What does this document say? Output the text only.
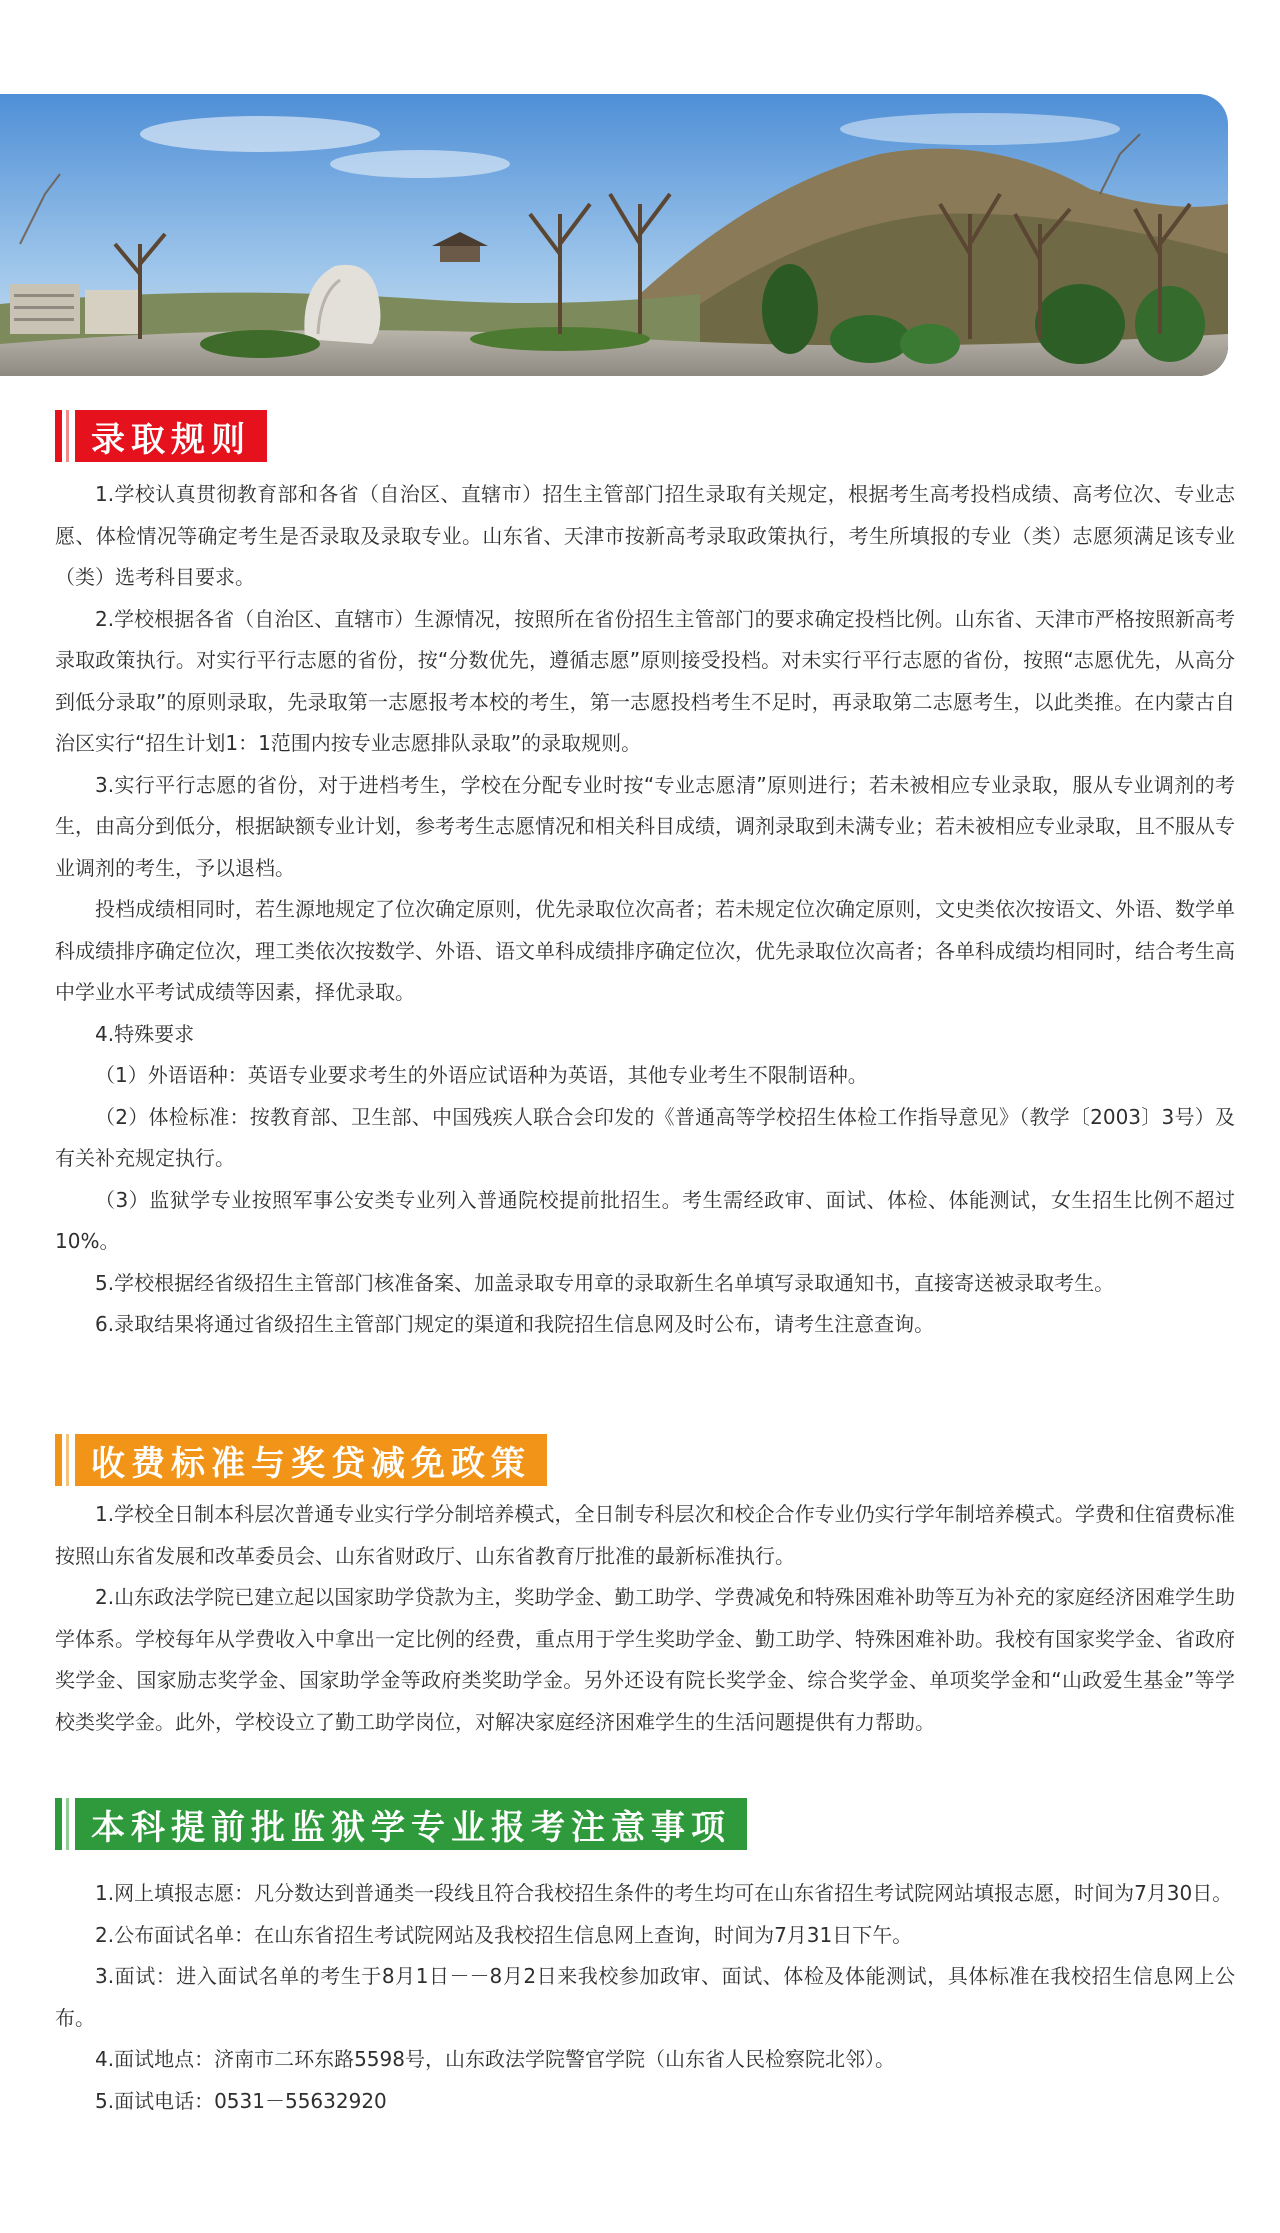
录取规则

1.学校认真贯彻教育部和各省（自治区、直辖市）招生主管部门招生录取有关规定，根据考生高考投档成绩、高考位次、专业志愿、体检情况等确定考生是否录取及录取专业。山东省、天津市按新高考录取政策执行，考生所填报的专业（类）志愿须满足该专业（类）选考科目要求。

2.学校根据各省（自治区、直辖市）生源情况，按照所在省份招生主管部门的要求确定投档比例。山东省、天津市严格按照新高考录取政策执行。对实行平行志愿的省份，按“分数优先，遵循志愿”原则接受投档。对未实行平行志愿的省份，按照“志愿优先，从高分到低分录取”的原则录取，先录取第一志愿报考本校的考生，第一志愿投档考生不足时，再录取第二志愿考生，以此类推。在内蒙古自治区实行“招生计划1：1范围内按专业志愿排队录取”的录取规则。

3.实行平行志愿的省份，对于进档考生，学校在分配专业时按“专业志愿清”原则进行；若未被相应专业录取，服从专业调剂的考生，由高分到低分，根据缺额专业计划，参考考生志愿情况和相关科目成绩，调剂录取到未满专业；若未被相应专业录取，且不服从专业调剂的考生，予以退档。

投档成绩相同时，若生源地规定了位次确定原则，优先录取位次高者；若未规定位次确定原则，文史类依次按语文、外语、数学单科成绩排序确定位次，理工类依次按数学、外语、语文单科成绩排序确定位次，优先录取位次高者；各单科成绩均相同时，结合考生高中学业水平考试成绩等因素，择优录取。

4.特殊要求

（1）外语语种：英语专业要求考生的外语应试语种为英语，其他专业考生不限制语种。

（2）体检标准：按教育部、卫生部、中国残疾人联合会印发的《普通高等学校招生体检工作指导意见》（教学〔2003〕3号）及有关补充规定执行。

（3）监狱学专业按照军事公安类专业列入普通院校提前批招生。考生需经政审、面试、体检、体能测试，女生招生比例不超过10%。

5.学校根据经省级招生主管部门核准备案、加盖录取专用章的录取新生名单填写录取通知书，直接寄送被录取考生。

6.录取结果将通过省级招生主管部门规定的渠道和我院招生信息网及时公布，请考生注意查询。

收费标准与奖贷减免政策

1.学校全日制本科层次普通专业实行学分制培养模式，全日制专科层次和校企合作专业仍实行学年制培养模式。学费和住宿费标准按照山东省发展和改革委员会、山东省财政厅、山东省教育厅批准的最新标准执行。

2.山东政法学院已建立起以国家助学贷款为主，奖助学金、勤工助学、学费减免和特殊困难补助等互为补充的家庭经济困难学生助学体系。学校每年从学费收入中拿出一定比例的经费，重点用于学生奖助学金、勤工助学、特殊困难补助。我校有国家奖学金、省政府奖学金、国家励志奖学金、国家助学金等政府类奖助学金。另外还设有院长奖学金、综合奖学金、单项奖学金和“山政爱生基金”等学校类奖学金。此外，学校设立了勤工助学岗位，对解决家庭经济困难学生的生活问题提供有力帮助。

本科提前批监狱学专业报考注意事项

1.网上填报志愿：凡分数达到普通类一段线且符合我校招生条件的考生均可在山东省招生考试院网站填报志愿，时间为7月30日。

2.公布面试名单：在山东省招生考试院网站及我校招生信息网上查询，时间为7月31日下午。

3.面试：进入面试名单的考生于8月1日－－8月2日来我校参加政审、面试、体检及体能测试，具体标准在我校招生信息网上公布。

4.面试地点：济南市二环东路5598号，山东政法学院警官学院（山东省人民检察院北邻）。

5.面试电话：0531－55632920
